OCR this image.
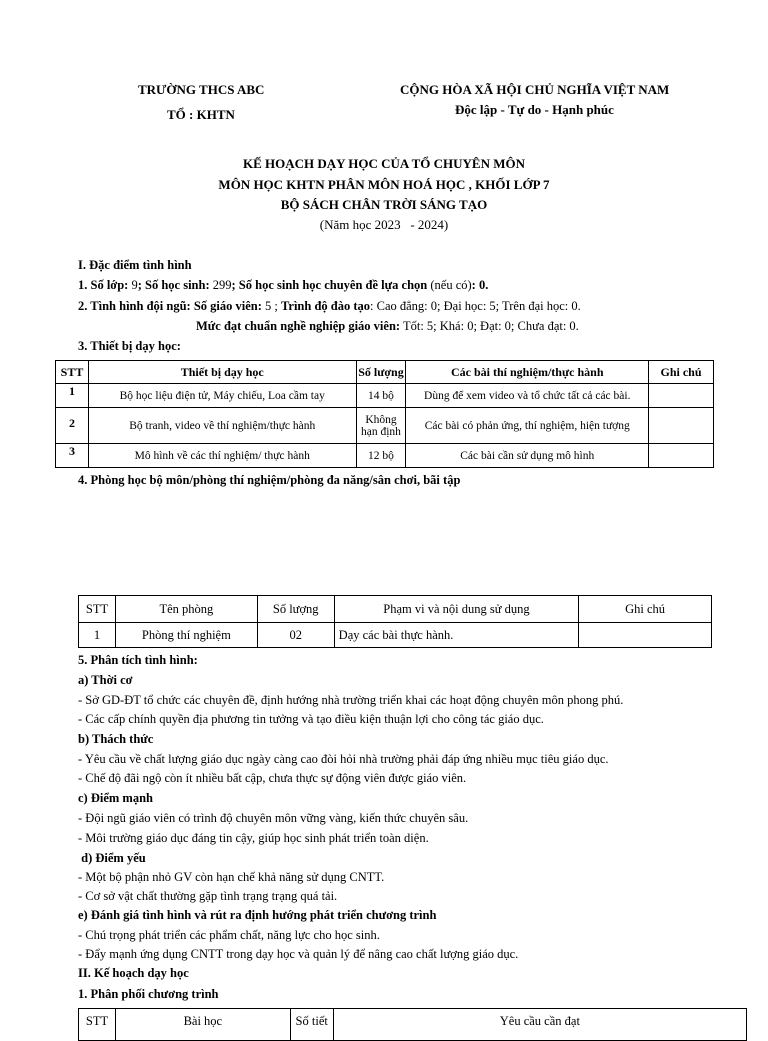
TRƯỜNG THCS ABC
TỔ : KHTN
CỘNG HÒA XÃ HỘI CHỦ NGHĨA VIỆT NAM
Độc lập - Tự do - Hạnh phúc
KẾ HOẠCH DẠY HỌC CỦA TỔ CHUYÊN MÔN
MÔN HỌC KHTN PHÂN MÔN HOÁ HỌC , KHỐI LỚP 7
BỘ SÁCH CHÂN TRỜI SÁNG TẠO
(Năm học 2023   - 2024)
I. Đặc điểm tình hình
1. Số lớp: 9; Số học sinh: 299; Số học sinh học chuyên đề lựa chọn (nếu có): 0.
2. Tình hình đội ngũ: Số giáo viên: 5 ; Trình độ đào tạo: Cao đẳng: 0; Đại học: 5; Trên đại học: 0.
Mức đạt chuẩn nghề nghiệp giáo viên: Tốt: 5; Khá: 0; Đạt: 0; Chưa đạt: 0.
3. Thiết bị dạy học:
STT	Thiết bị dạy học	Số lượng	Các bài thí nghiệm/thực hành	Ghi chú
1	Bộ học liệu điện tử, Máy chiếu, Loa cầm tay	14 bộ	Dùng để xem video và tổ chức tất cả các bài.	
2	Bộ tranh, video về thí nghiệm/thực hành	Không hạn định	Các bài có phản ứng, thí nghiệm, hiện tượng	
3	Mô hình về các thí nghiệm/ thực hành	12 bộ	Các bài cần sử dụng mô hình	
4. Phòng học bộ môn/phòng thí nghiệm/phòng đa năng/sân chơi, bãi tập
STT	Tên phòng	Số lượng	Phạm vi và nội dung sử dụng	Ghi chú
1	Phòng thí nghiệm	02	Dạy các bài thực hành.	
5. Phân tích tình hình:
a) Thời cơ
- Sở GD-ĐT tổ chức các chuyên đề, định hướng nhà trường triển khai các hoạt động chuyên môn phong phú.
- Các cấp chính quyền địa phương tin tưởng và tạo điều kiện thuận lợi cho công tác giáo dục.
b) Thách thức
- Yêu cầu về chất lượng giáo dục ngày càng cao đòi hỏi nhà trường phải đáp ứng nhiều mục tiêu giáo dục.
- Chế độ đãi ngộ còn ít nhiều bất cập, chưa thực sự động viên được giáo viên.
c) Điểm mạnh
- Đội ngũ giáo viên có trình độ chuyên môn vững vàng, kiến thức chuyên sâu.
- Môi trường giáo dục đáng tin cậy, giúp học sinh phát triển toàn diện.
d) Điểm yếu
- Một bộ phận nhỏ GV còn hạn chế khả năng sử dụng CNTT.
- Cơ sở vật chất thường gặp tình trạng trạng quá tải.
e) Đánh giá tình hình và rút ra định hướng phát triển chương trình
- Chú trọng phát triển các phẩm chất, năng lực cho học sinh.
- Đẩy mạnh ứng dụng CNTT trong dạy học và quản lý để nâng cao chất lượng giáo dục.
II. Kế hoạch dạy học
1. Phân phối chương trình
STT	Bài học	Số tiết	Yêu cầu cần đạt
